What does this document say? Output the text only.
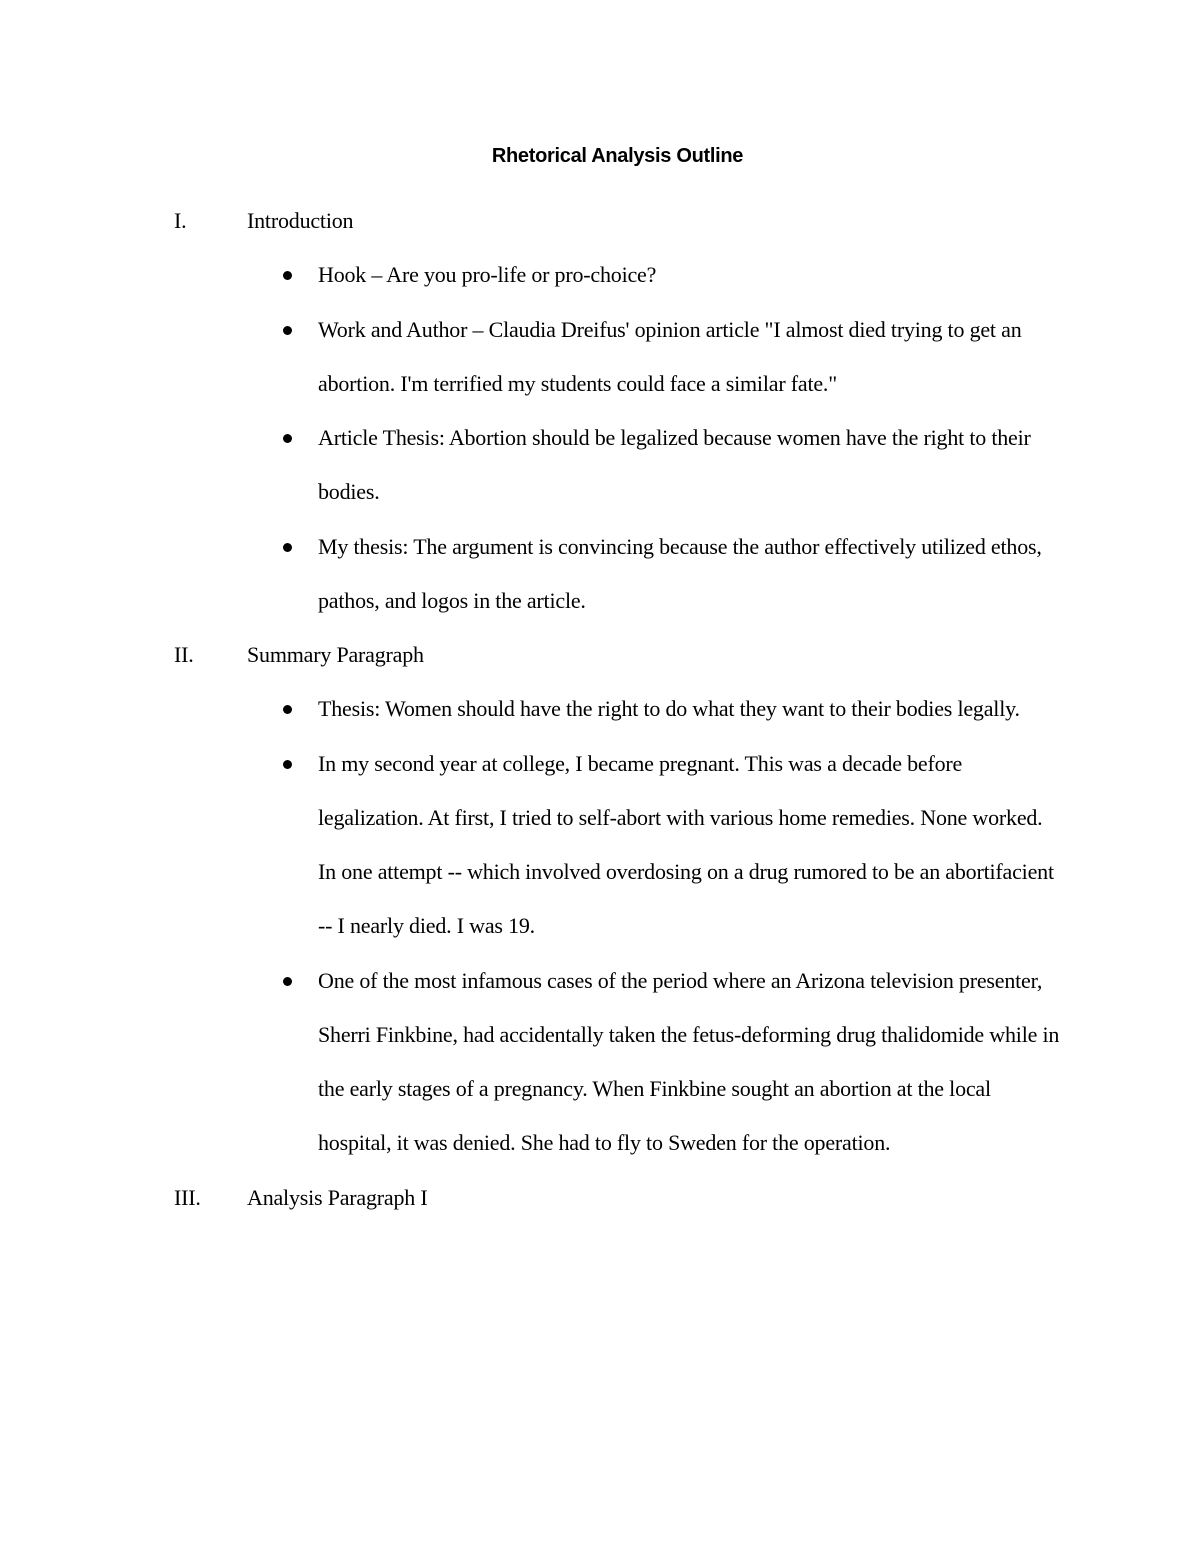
Rhetorical Analysis Outline
I.	Introduction
Hook – Are you pro-life or pro-choice?
Work and Author – Claudia Dreifus' opinion article "I almost died trying to get an abortion. I'm terrified my students could face a similar fate."
Article Thesis: Abortion should be legalized because women have the right to their bodies.
My thesis: The argument is convincing because the author effectively utilized ethos, pathos, and logos in the article.
II. Summary Paragraph
Thesis: Women should have the right to do what they want to their bodies legally.
In my second year at college, I became pregnant. This was a decade before legalization. At first, I tried to self-abort with various home remedies. None worked. In one attempt -- which involved overdosing on a drug rumored to be an abortifacient -- I nearly died. I was 19.
One of the most infamous cases of the period where an Arizona television presenter, Sherri Finkbine, had accidentally taken the fetus-deforming drug thalidomide while in the early stages of a pregnancy. When Finkbine sought an abortion at the local hospital, it was denied. She had to fly to Sweden for the operation.
III. Analysis Paragraph I
